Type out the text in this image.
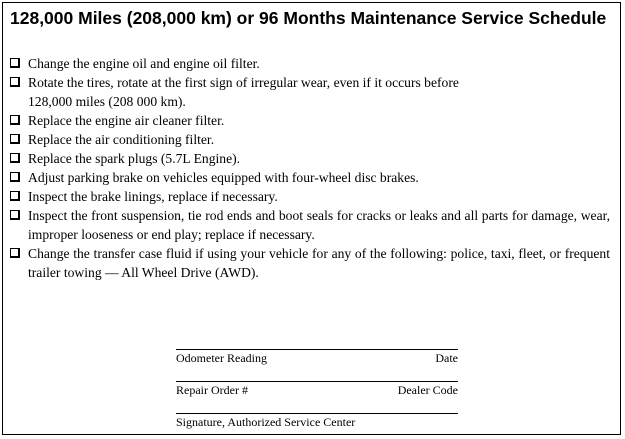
128,000 Miles (208,000 km) or 96 Months Maintenance Service Schedule
Change the engine oil and engine oil filter.
Rotate the tires, rotate at the first sign of irregular wear, even if it occurs before
128,000 miles (208 000 km).
Replace the engine air cleaner filter.
Replace the air conditioning filter.
Replace the spark plugs (5.7L Engine).
Adjust parking brake on vehicles equipped with four-wheel disc brakes.
Inspect the brake linings, replace if necessary.
Inspect the front suspension, tie rod ends and boot seals for cracks or leaks and all parts for damage, wear, improper looseness or end play; replace if necessary.
Change the transfer case fluid if using your vehicle for any of the following: police, taxi, fleet, or frequent trailer towing — All Wheel Drive (AWD).
Odometer Reading	Date
Repair Order #	Dealer Code
Signature, Authorized Service Center
